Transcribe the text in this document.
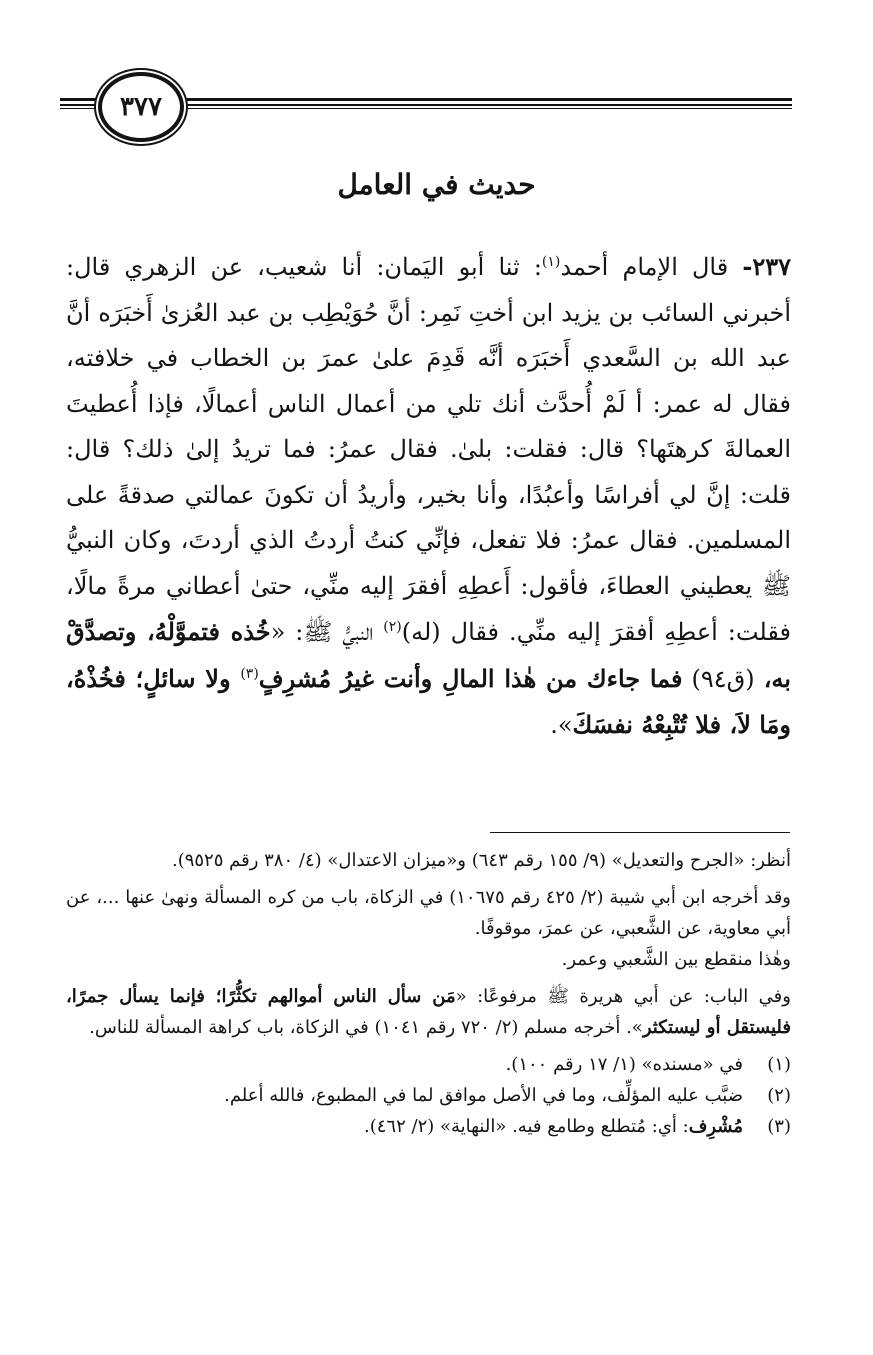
٣٧٧
حديث في العامل

٢٣٧- قال الإمام أحمد$^{(١)}$: ثنا أبو اليَمان: أنا شعيب، عن الزهري قال: أخبرني السائب بن يزيد ابن أختِ نَمِر: أنَّ حُوَيْطِب بن عبد العُزىٰ أَخبَرَه أنَّ عبد الله بن السَّعدي أَخبَرَه أنَّه قَدِمَ علىٰ عمرَ بن الخطاب في خلافته، فقال له عمر: أ لَمْ أُحدَّث أنك تلي من أعمال الناس أعمالًا، فإذا أُعطيتَ العمالةَ كرهتَها؟ قال: فقلت: بلىٰ. فقال عمرُ: فما تريدُ إلىٰ ذلك؟ قال: قلت: إنَّ لي أفراسًا وأعبُدًا، وأنا بخير، وأريدُ أن تكونَ عمالتي صدقةً على المسلمين. فقال عمرُ: فلا تفعل، فإنِّي كنتُ أردتُ الذي أردتَ، وكان النبيُّ ﷺ يعطيني العطاءَ، فأقول: أَعطِهِ أفقرَ إليه منِّي، حتىٰ أعطاني مرةً مالًا، فقلت: أعطِهِ أفقرَ إليه منِّي. فقال (له)$^{(٢)}$ النبيُّ ﷺ: «خُذه فتموَّلْهُ، وتصدَّقْ به، (ق٩٤) فما جاءك من هٰذا المالِ وأنت غيرُ مُشرِفٍ$^{(٣)}$ ولا سائلٍ؛ فخُذْهُ، ومَا لاَ، فلا تُتْبِعْهُ نفسَكَ».

أنظر: «الجرح والتعديل» (٩/ ١٥٥ رقم ٦٤٣) و«ميزان الاعتدال» (٤/ ٣٨٠ رقم ٩٥٢٥).

وقد أخرجه ابن أبي شيبة (٢/ ٤٢٥ رقم ١٠٦٧٥) في الزكاة، باب من كره المسألة ونهىٰ عنها ...، عن أبي معاوية، عن الشَّعبي، عن عمرَ، موقوفًا.

وهٰذا منقطع بين الشَّعبي وعمر.

وفي الباب: عن أبي هريرة ﷺ مرفوعًا: «مَن سأل الناس أموالهم تكثُّرًا؛ فإنما يسأل جمرًا، فليستقل أو ليستكثر». أخرجه مسلم (٢/ ٧٢٠ رقم ١٠٤١) في الزكاة، باب كراهة المسألة للناس.

(١)
في «مسنده» (١/ ١٧ رقم ١٠٠).
(٢)
ضبَّب عليه المؤلِّف، وما في الأصل موافق لما في المطبوع، فالله أعلم.
(٣)
مُشْرِف: أي: مُتطلع وطامع فيه. «النهاية» (٢/ ٤٦٢).
